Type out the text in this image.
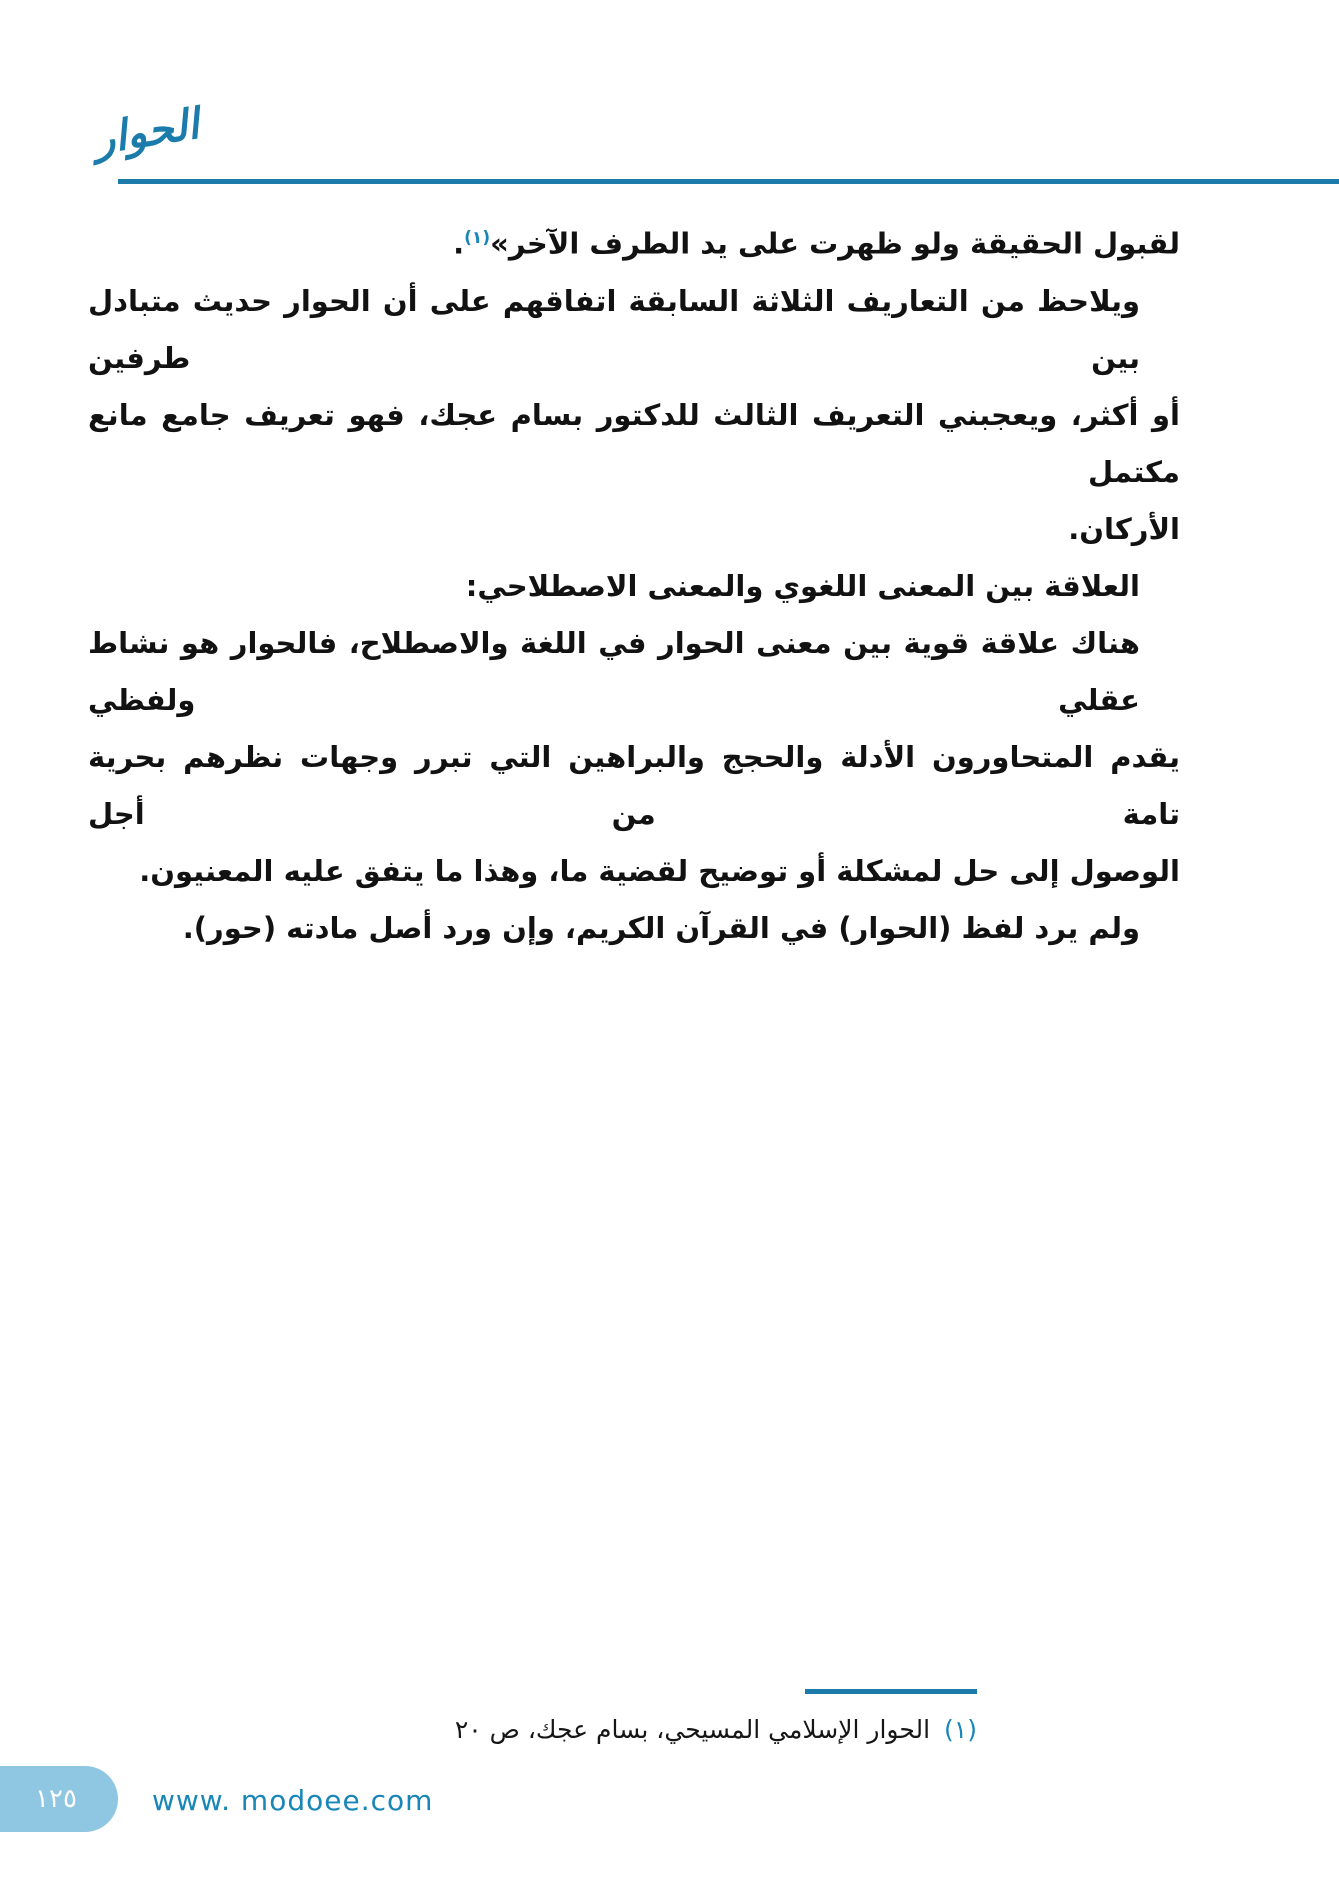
الحوار
لقبول الحقيقة ولو ظهرت على يد الطرف الآخر»$^{(١)}$.
ويلاحظ من التعاريف الثلاثة السابقة اتفاقهم على أن الحوار حديث متبادل بين طرفين
أو أكثر، ويعجبني التعريف الثالث للدكتور بسام عجك، فهو تعريف جامع مانع مكتمل
الأركان.
العلاقة بين المعنى اللغوي والمعنى الاصطلاحي:
هناك علاقة قوية بين معنى الحوار في اللغة والاصطلاح، فالحوار هو نشاط عقلي ولفظي
يقدم المتحاورون الأدلة والحجج والبراهين التي تبرر وجهات نظرهم بحرية تامة من أجل
الوصول إلى حل لمشكلة أو توضيح لقضية ما، وهذا ما يتفق عليه المعنيون.
ولم يرد لفظ (الحوار) في القرآن الكريم، وإن ورد أصل مادته (حور).
(١)الحوار الإسلامي المسيحي، بسام عجك، ص ٢٠
١٢٥	www. modoee.com
